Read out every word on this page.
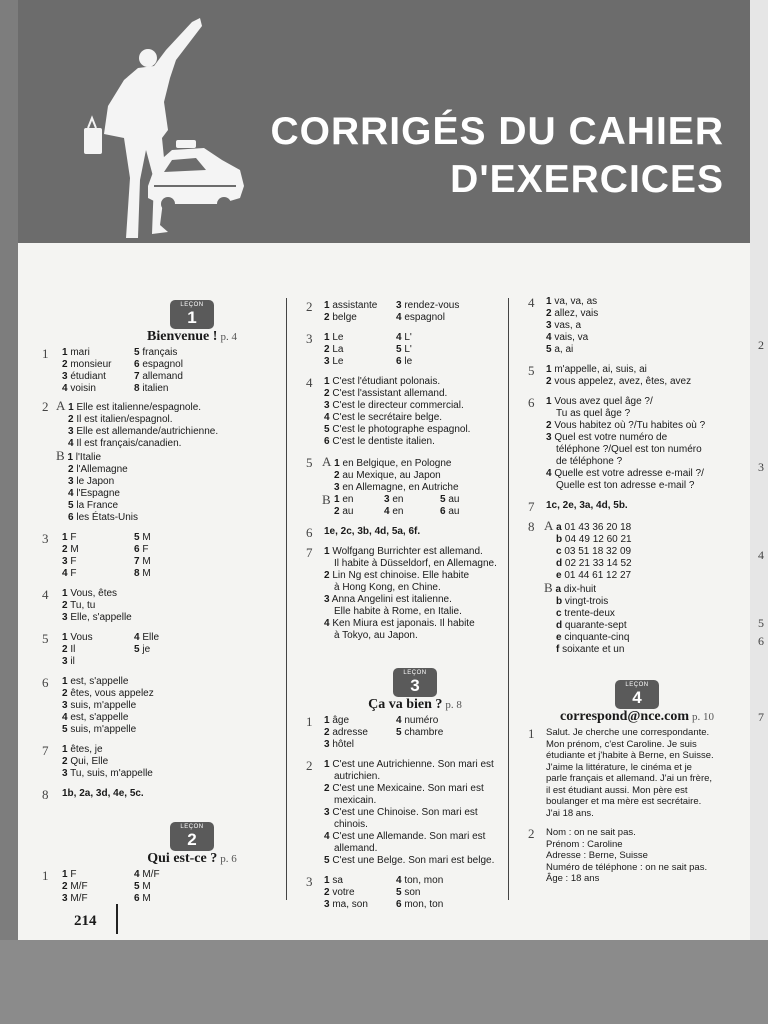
2
3
4
5
6
7
CORRIGÉS DU CAHIER
D'EXERCICES
214
LEÇON
1
Bienvenue ! p. 4
1 1 mari	5 français
2 monsieur	6 espagnol
3 étudiant	7 allemand
4 voisin	8 italien
2 A 1 Elle est italienne/espagnole.
2 Il est italien/espagnol.
3 Elle est allemande/autrichienne.
4 Il est français/canadien.
B 1 l'Italie
2 l'Allemagne
3 le Japon
4 l'Espagne
5 la France
6 les États-Unis
3 1 F	5 M
2 M	6 F
3 F	7 M
4 F	8 M
4 1 Vous, êtes
2 Tu, tu
3 Elle, s'appelle
5 1 Vous	4 Elle
2 Il	5 je
3 il
6 1 est, s'appelle
2 êtes, vous appelez
3 suis, m'appelle
4 est, s'appelle
5 suis, m'appelle
7 1 êtes, je
2 Qui, Elle
3 Tu, suis, m'appelle
8 1b, 2a, 3d, 4e, 5c.
LEÇON
2
Qui est-ce ? p. 6
1 1 F	4 M/F
2 M/F	5 M
3 M/F	6 M
2 1 assistante	3 rendez-vous
2 belge	4 espagnol
3 1 Le	4 L'
2 La	5 L'
3 Le	6 le
4 1 C'est l'étudiant polonais.
2 C'est l'assistant allemand.
3 C'est le directeur commercial.
4 C'est le secrétaire belge.
5 C'est le photographe espagnol.
6 C'est le dentiste italien.
5 A 1 en Belgique, en Pologne
2 au Mexique, au Japon
3 en Allemagne, en Autriche
B 1 en	3 en	5 au
2 au	4 en	6 au
6 1e, 2c, 3b, 4d, 5a, 6f.
7 1 Wolfgang Burrichter est allemand.
Il habite à Düsseldorf, en Allemagne.
2 Lin Ng est chinoise. Elle habite
à Hong Kong, en Chine.
3 Anna Angelini est italienne.
Elle habite à Rome, en Italie.
4 Ken Miura est japonais. Il habite
à Tokyo, au Japon.
LEÇON
3
Ça va bien ? p. 8
1 1 âge	4 numéro
2 adresse	5 chambre
3 hôtel
2 1 C'est une Autrichienne. Son mari est
autrichien.
2 C'est une Mexicaine. Son mari est
mexicain.
3 C'est une Chinoise. Son mari est
chinois.
4 C'est une Allemande. Son mari est
allemand.
5 C'est une Belge. Son mari est belge.
3 1 sa	4 ton, mon
2 votre	5 son
3 ma, son	6 mon, ton
4 1 va, va, as
2 allez, vais
3 vas, a
4 vais, va
5 a, ai
5 1 m'appelle, ai, suis, ai
2 vous appelez, avez, êtes, avez
6 1 Vous avez quel âge ?/
Tu as quel âge ?
2 Vous habitez où ?/Tu habites où ?
3 Quel est votre numéro de
téléphone ?/Quel est ton numéro
de téléphone ?
4 Quelle est votre adresse e-mail ?/
Quelle est ton adresse e-mail ?
7 1c, 2e, 3a, 4d, 5b.
8 A a 01 43 36 20 18
b 04 49 12 60 21
c 03 51 18 32 09
d 02 21 33 14 52
e 01 44 61 12 27
B a dix-huit
b vingt-trois
c trente-deux
d quarante-sept
e cinquante-cinq
f soixante et un
LEÇON
4
correspond@nce.com p. 10
1 Salut. Je cherche une correspondante.
Mon prénom, c'est Caroline. Je suis
étudiante et j'habite à Berne, en Suisse.
J'aime la littérature, le cinéma et je
parle français et allemand. J'ai un frère,
il est étudiant aussi. Mon père est
boulanger et ma mère est secrétaire.
J'ai 18 ans.
2 Nom : on ne sait pas.
Prénom : Caroline
Adresse : Berne, Suisse
Numéro de téléphone : on ne sait pas.
Âge : 18 ans
